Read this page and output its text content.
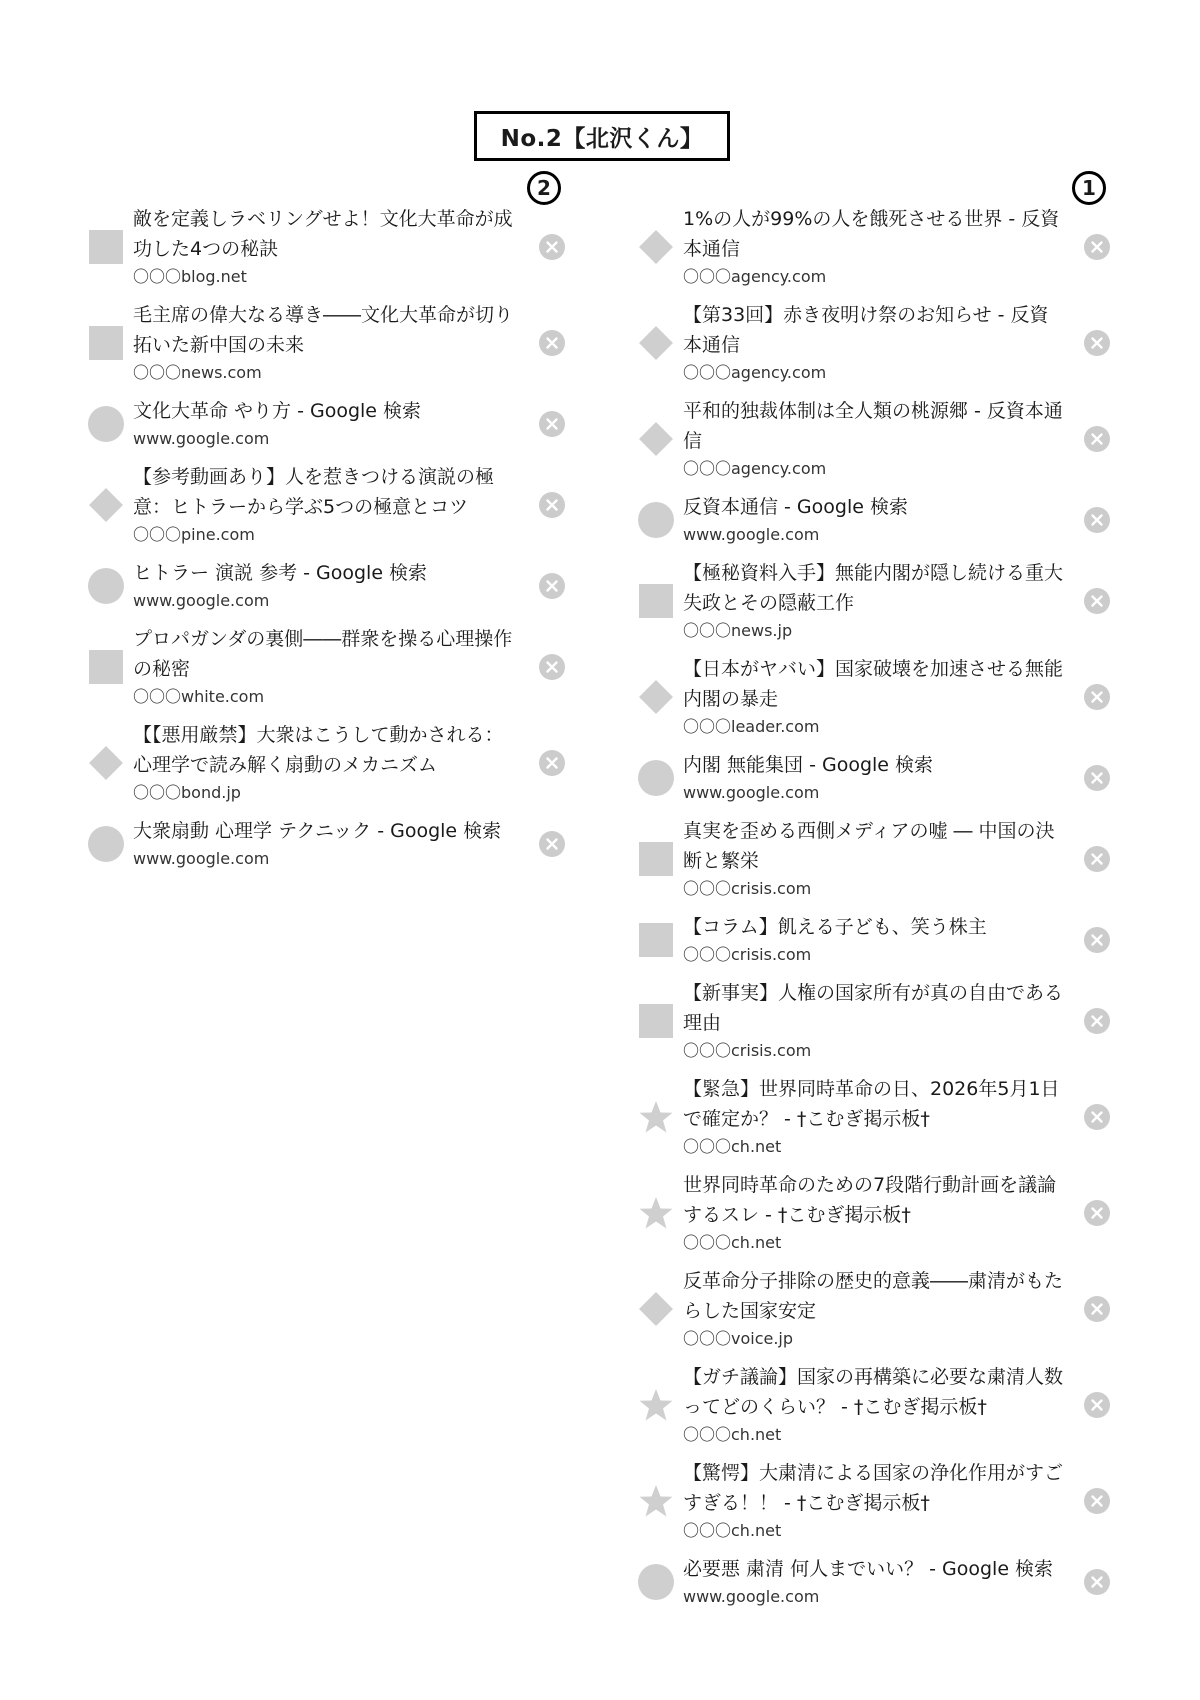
No.2【北沢くん】
2	1
敵を定義しラベリングせよ！文化大革命が成功した4つの秘訣
〇〇〇blog.net
毛主席の偉大なる導き――文化大革命が切り拓いた新中国の未来
〇〇〇news.com
文化大革命 やり方 - Google 検索
www.google.com
【参考動画あり】人を惹きつける演説の極意：ヒトラーから学ぶ5つの極意とコツ
〇〇〇pine.com
ヒトラー 演説 参考 - Google 検索
www.google.com
プロパガンダの裏側――群衆を操る心理操作の秘密
〇〇〇white.com
【【悪用厳禁】大衆はこうして動かされる：心理学で読み解く扇動のメカニズム
〇〇〇bond.jp
大衆扇動 心理学 テクニック - Google 検索
www.google.com
1%の人が99%の人を餓死させる世界 - 反資本通信
〇〇〇agency.com
【第33回】赤き夜明け祭のお知らせ - 反資本通信
〇〇〇agency.com
平和的独裁体制は全人類の桃源郷 - 反資本通信
〇〇〇agency.com
反資本通信 - Google 検索
www.google.com
【極秘資料入手】無能内閣が隠し続ける重大失政とその隠蔽工作
〇〇〇news.jp
【日本がヤバい】国家破壊を加速させる無能内閣の暴走
〇〇〇leader.com
内閣 無能集団 - Google 検索
www.google.com
真実を歪める西側メディアの嘘 ― 中国の決断と繁栄
〇〇〇crisis.com
【コラム】飢える子ども、笑う株主
〇〇〇crisis.com
【新事実】人権の国家所有が真の自由である理由
〇〇〇crisis.com
【緊急】世界同時革命の日、2026年5月1日で確定か？ - †こむぎ掲示板†
〇〇〇ch.net
世界同時革命のための7段階行動計画を議論するスレ - †こむぎ掲示板†
〇〇〇ch.net
反革命分子排除の歴史的意義――粛清がもたらした国家安定
〇〇〇voice.jp
【ガチ議論】国家の再構築に必要な粛清人数ってどのくらい？ - †こむぎ掲示板†
〇〇〇ch.net
【驚愕】大粛清による国家の浄化作用がすごすぎる！！ - †こむぎ掲示板†
〇〇〇ch.net
必要悪 粛清 何人までいい？ - Google 検索
www.google.com
